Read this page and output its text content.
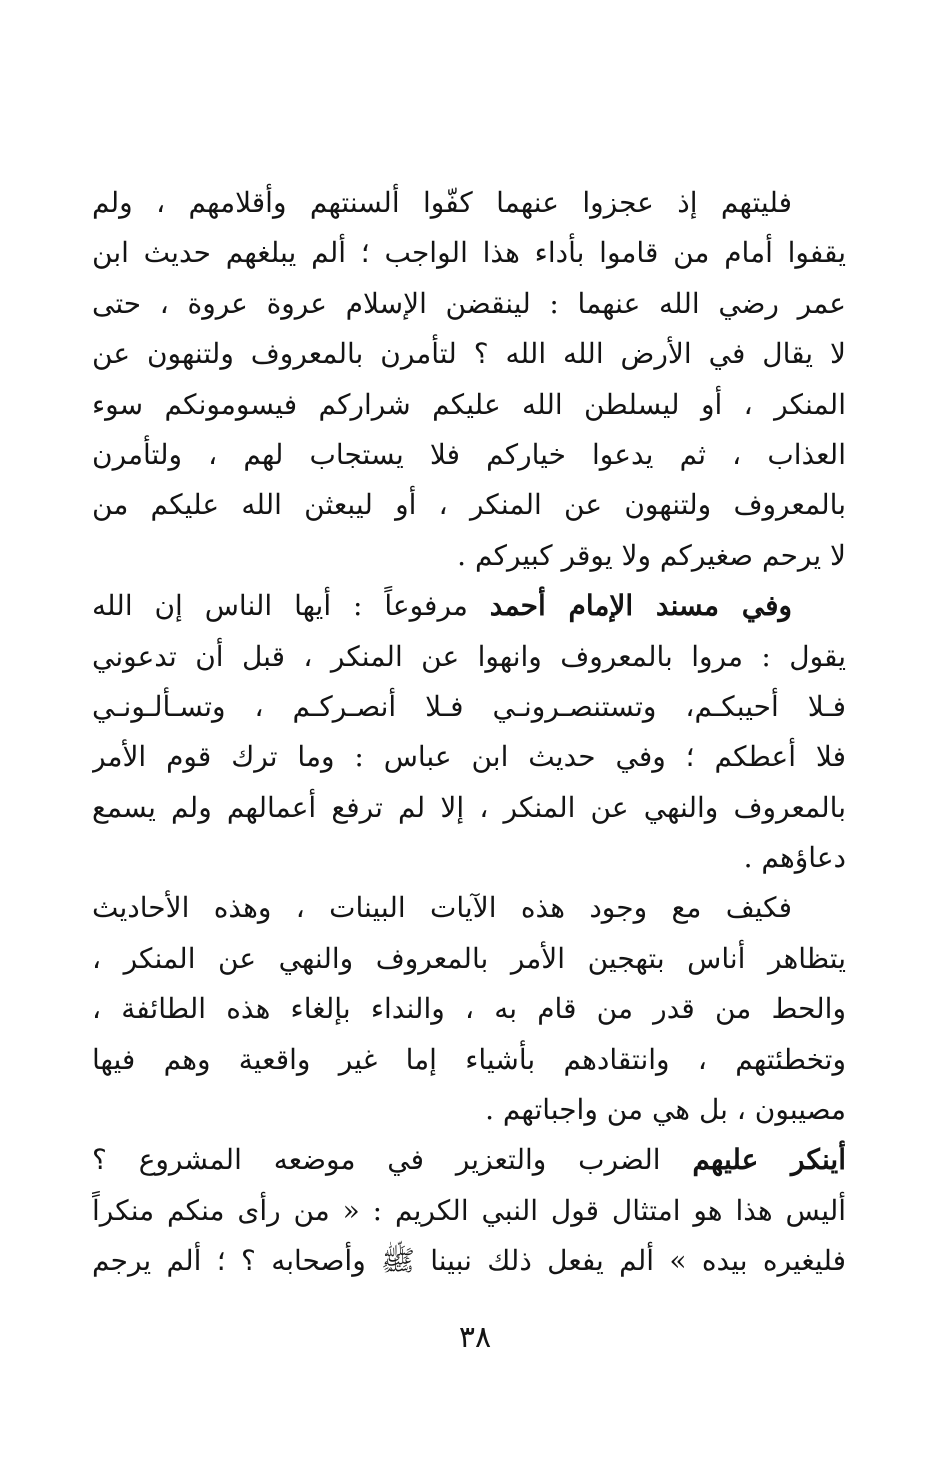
فليتهم إذ عجزوا عنهما كفّوا ألسنتهم وأقلامهم ، ولم
يقفوا أمام من قاموا بأداء هذا الواجب ؛ ألم يبلغهم حديث ابن
عمر رضي الله عنهما : لينقضن الإسلام عروة عروة ، حتى
لا يقال في الأرض الله الله ؟ لتأمرن بالمعروف ولتنهون عن
المنكر ، أو ليسلطن الله عليكم شراركم فيسومونكم سوء
العذاب ، ثم يدعوا خياركم فلا يستجاب لهم ، ولتأمرن
بالمعروف ولتنهون عن المنكر ، أو ليبعثن الله عليكم من
لا يرحم صغيركم ولا يوقر كبيركم .
وفي مسند الإمام أحمد مرفوعاً : أيها الناس إن الله
يقول : مروا بالمعروف وانهوا عن المنكر ، قبل أن تدعوني
فـلا أحيبكـم، وتستنصـرونـي فـلا أنصـركـم ، وتسـألـونـي
فلا أعطكم ؛ وفي حديث ابن عباس : وما ترك قوم الأمر
بالمعروف والنهي عن المنكر ، إلا لم ترفع أعمالهم ولم يسمع
دعاؤهم .
فكيف مع وجود هذه الآيات البينات ، وهذه الأحاديث
يتظاهر أناس بتهجين الأمر بالمعروف والنهي عن المنكر ،
والحط من قدر من قام به ، والنداء بإلغاء هذه الطائفة ،
وتخطئتهم ، وانتقادهم بأشياء إما غير واقعية وهم فيها
مصيبون ، بل هي من واجباتهم .
أينكر عليهم الضرب والتعزير في موضعه المشروع ؟
أليس هذا هو امتثال قول النبي الكريم : « من رأى منكم منكراً
فليغيره بيده » ألم يفعل ذلك نبينا ﷺ وأصحابه ؟ ؛ ألم يرجم
٣٨
